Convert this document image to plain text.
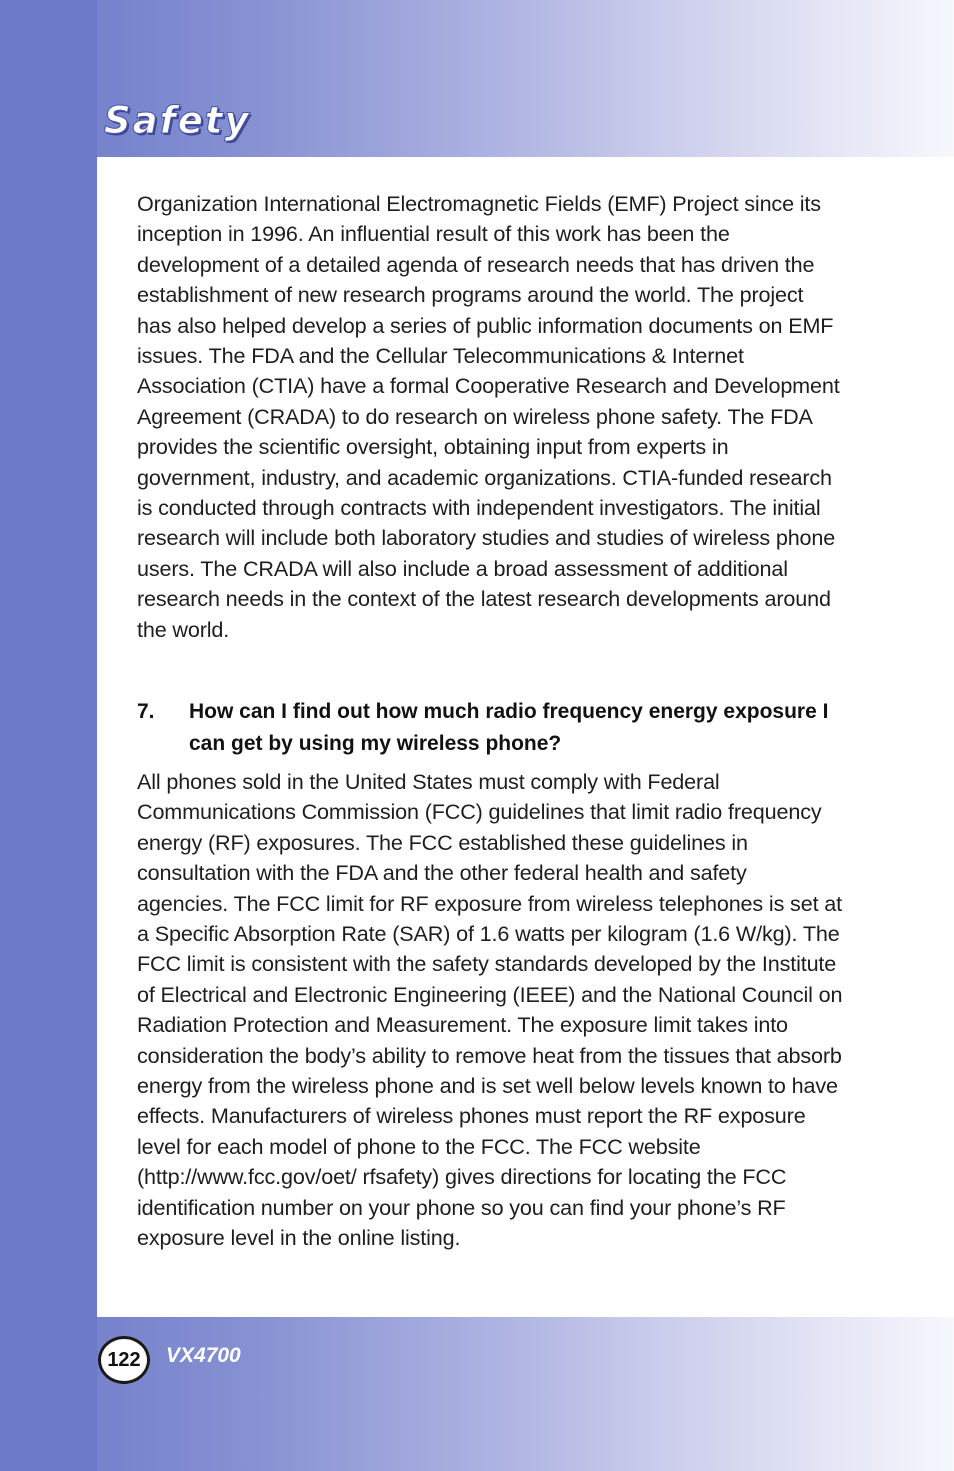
Safety

Organization International Electromagnetic Fields (EMF) Project since its inception in 1996. An influential result of this work has been the development of a detailed agenda of research needs that has driven the establishment of new research programs around the world. The project has also helped develop a series of public information documents on EMF issues. The FDA and the Cellular Telecommunications & Internet Association (CTIA) have a formal Cooperative Research and Development Agreement (CRADA) to do research on wireless phone safety. The FDA provides the scientific oversight, obtaining input from experts in government, industry, and academic organizations. CTIA-funded research is conducted through contracts with independent investigators. The initial research will include both laboratory studies and studies of wireless phone users. The CRADA will also include a broad assessment of additional research needs in the context of the latest research developments around the world.

7. How can I find out how much radio frequency energy exposure I can get by using my wireless phone?

All phones sold in the United States must comply with Federal Communications Commission (FCC) guidelines that limit radio frequency energy (RF) exposures. The FCC established these guidelines in consultation with the FDA and the other federal health and safety agencies. The FCC limit for RF exposure from wireless telephones is set at a Specific Absorption Rate (SAR) of 1.6 watts per kilogram (1.6 W/kg). The FCC limit is consistent with the safety standards developed by the Institute of Electrical and Electronic Engineering (IEEE) and the National Council on Radiation Protection and Measurement. The exposure limit takes into consideration the body’s ability to remove heat from the tissues that absorb energy from the wireless phone and is set well below levels known to have effects. Manufacturers of wireless phones must report the RF exposure level for each model of phone to the FCC. The FCC website (http://www.fcc.gov/oet/ rfsafety) gives directions for locating the FCC identification number on your phone so you can find your phone’s RF exposure level in the online listing.

122	VX4700
